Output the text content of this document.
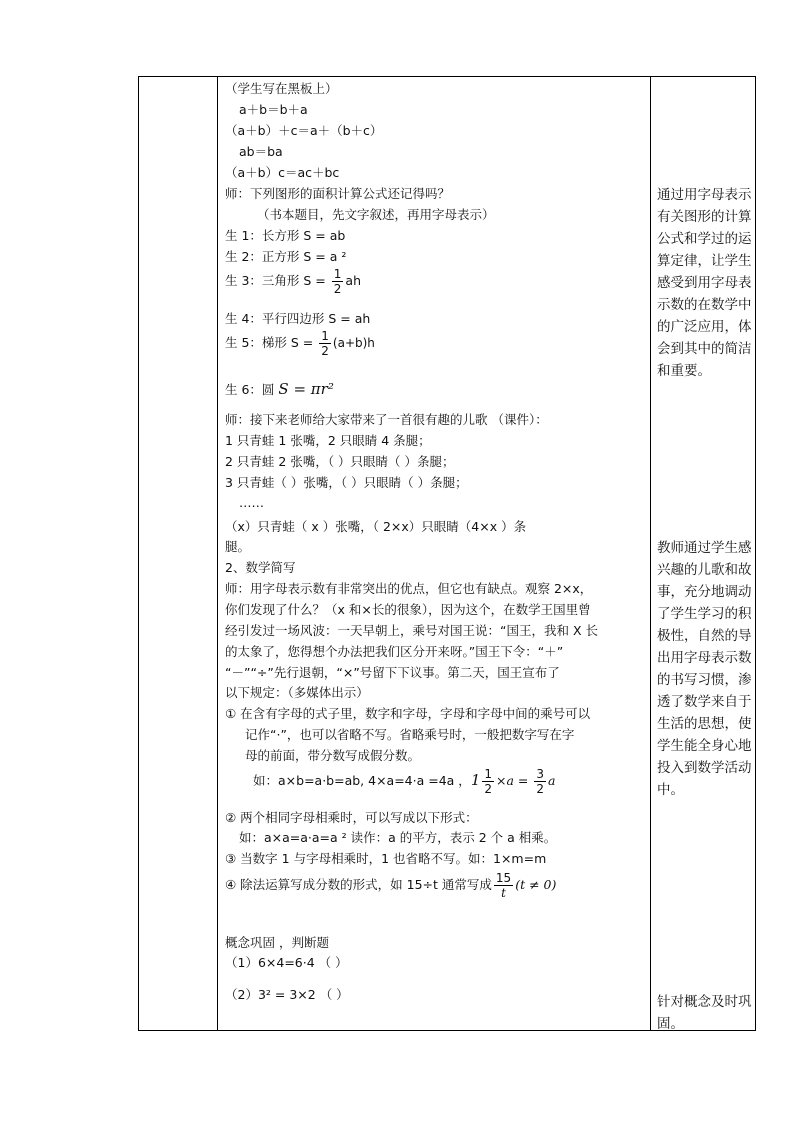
（学生写在黑板上）
a＋b＝b＋a
（a＋b）＋c＝a＋（b＋c）
ab＝ba
（a＋b）c＝ac＋bc
师：下列图形的面积计算公式还记得吗？
（书本题目，先文字叙述，再用字母表示）
生 1：长方形 S = ab
生 2：正方形 S = a ²
生 3：三角形 $S = \frac{1}{2}$ ah
生 4：平行四边形 S = ah
生 5：梯形 $S = \frac{1}{2} (a+b)h$
生 6：圆 S = πr²
师：接下来老师给大家带来了一首很有趣的儿歌 （课件）：
1 只青蛙 1 张嘴，2 只眼睛 4 条腿；
2 只青蛙 2 张嘴，（ ）只眼睛（ ）条腿；
3 只青蛙（ ）张嘴，（ ）只眼睛（ ）条腿；
……
（x）只青蛙（ x ）张嘴，（ 2×x）只眼睛（4×x ）条
腿。
2、数学简写
师：用字母表示数有非常突出的优点，但它也有缺点。观察 2×x，
你们发现了什么？（x 和×长的很象），因为这个，在数学王国里曾
经引发过一场风波：一天早朝上，乘号对国王说：“国王，我和 X 长
的太象了，您得想个办法把我们区分开来呀。”国王下令：“＋”
“－”“÷”先行退朝，“×”号留下下议事。第二天，国王宣布了
以下规定：（多媒体出示）
① 在含有字母的式子里，数字和字母，字母和字母中间的乘号可以
记作“·”，也可以省略不写。省略乘号时，一般把数字写在字
母的前面，带分数写成假分数。
如：a×b=a·b=ab, 4×a=4·a =4a ，$1 \frac{1}{2} \times a = \frac{3}{2}$ a
② 两个相同字母相乘时，可以写成以下形式：
如：a×a=a·a=a ² 读作：a 的平方，表示 2 个 a 相乘。
③ 当数字 1 与字母相乘时，1 也省略不写。如：1×m=m
④ 除法运算写成分数的形式，如 15÷t 通常写成 $\frac{15}{t} (t \ne 0)$
概念巩固 ，判断题
（1）6×4=6·4 （ ）
（2）3² = 3×2 （ ）
通过用字母表示有关图形的计算公式和学过的运算定律，让学生感受到用字母表示数的在数学中的广泛应用，体会到其中的简洁和重要。
教师通过学生感兴趣的儿歌和故事，充分地调动了学生学习的积极性，自然的导出用字母表示数的书写习惯，渗透了数学来自于生活的思想，使学生能全身心地投入到数学活动中。
针对概念及时巩固。
